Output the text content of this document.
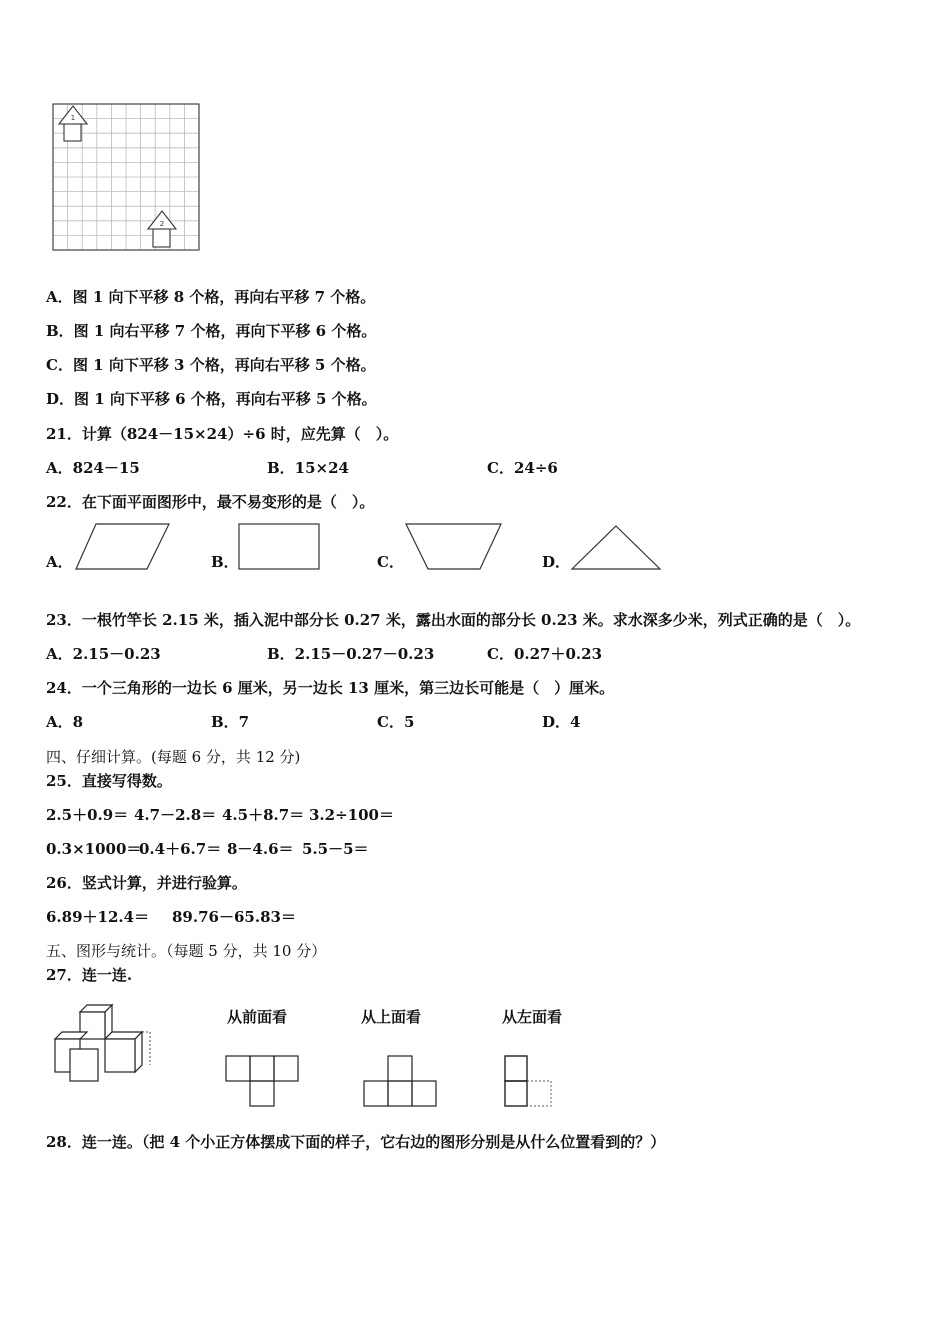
1
2
A．图 1 向下平移 8 个格，再向右平移 7 个格。
B．图 1 向右平移 7 个格，再向下平移 6 个格。
C．图 1 向下平移 3 个格，再向右平移 5 个格。
D．图 1 向下平移 6 个格，再向右平移 5 个格。
21．计算（824－15×24）÷6 时，应先算（　）。
A．824－15	B．15×24	C．24÷6
22．在下面平面图形中，最不易变形的是（　）。
A．	B．	C．	D．
23．一根竹竿长 2.15 米，插入泥中部分长 0.27 米，露出水面的部分长 0.23 米。求水深多少米，列式正确的是（　）。
A．2.15－0.23	B．2.15－0.27－0.23	C．0.27＋0.23
24．一个三角形的一边长 6 厘米，另一边长 13 厘米，第三边长可能是（　）厘米。
A．8	B．7	C．5	D．4
四、仔细计算。(每题 6 分，共 12 分)
25．直接写得数。
2.5＋0.9＝ 4.7－2.8＝ 4.5＋8.7＝ 3.2÷100＝
0.3×1000＝
0.4＋6.7＝ 8－4.6＝ 5.5－5＝
26．竖式计算，并进行验算。
6.89＋12.4＝ 89.76－65.83＝
五、图形与统计。（每题 5 分，共 10 分）
27．连一连.
从前面看	从上面看	从左面看
28．连一连。（把 4 个小正方体摆成下面的样子，它右边的图形分别是从什么位置看到的？）
